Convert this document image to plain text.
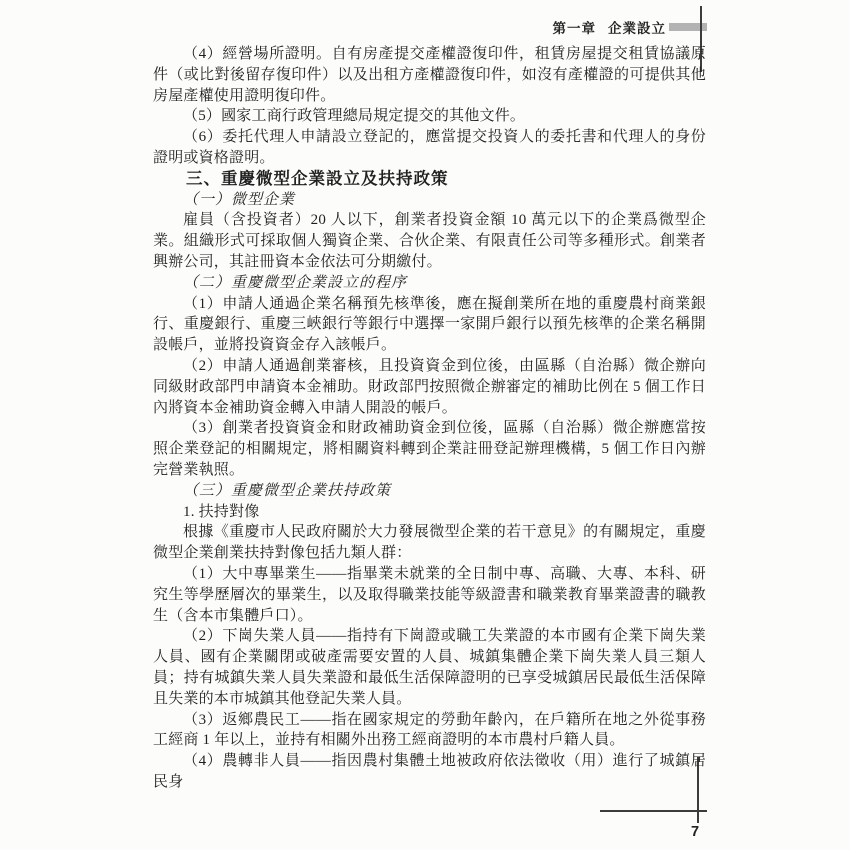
第一章 企業設立

（4）經營場所證明。自有房產提交產權證復印件，租賃房屋提交租賃協議原件（或比對後留存復印件）以及出租方產權證復印件，如沒有產權證的可提供其他房屋產權使用證明復印件。

（5）國家工商行政管理總局規定提交的其他文件。

（6）委托代理人申請設立登記的，應當提交投資人的委托書和代理人的身份證明或資格證明。

三、重慶微型企業設立及扶持政策

（一）微型企業

雇員（含投資者）20 人以下，創業者投資金額 10 萬元以下的企業爲微型企業。組織形式可採取個人獨資企業、合伙企業、有限責任公司等多種形式。創業者興辦公司，其註冊資本金依法可分期繳付。

（二）重慶微型企業設立的程序

（1）申請人通過企業名稱預先核準後，應在擬創業所在地的重慶農村商業銀行、重慶銀行、重慶三峽銀行等銀行中選擇一家開戶銀行以預先核準的企業名稱開設帳戶，並將投資資金存入該帳戶。

（2）申請人通過創業審核，且投資資金到位後，由區縣（自治縣）微企辦向同級財政部門申請資本金補助。財政部門按照微企辦審定的補助比例在 5 個工作日內將資本金補助資金轉入申請人開設的帳戶。

（3）創業者投資資金和財政補助資金到位後，區縣（自治縣）微企辦應當按照企業登記的相關規定，將相關資料轉到企業註冊登記辦理機構，5 個工作日內辦完營業執照。

（三）重慶微型企業扶持政策

1. 扶持對像

根據《重慶市人民政府關於大力發展微型企業的若干意見》的有關規定，重慶微型企業創業扶持對像包括九類人群：

（1）大中專畢業生——指畢業未就業的全日制中專、高職、大專、本科、研究生等學歷層次的畢業生，以及取得職業技能等級證書和職業教育畢業證書的職教生（含本市集體戶口）。

（2）下崗失業人員——指持有下崗證或職工失業證的本市國有企業下崗失業人員、國有企業關閉或破產需要安置的人員、城鎮集體企業下崗失業人員三類人員；持有城鎮失業人員失業證和最低生活保障證明的已享受城鎮居民最低生活保障且失業的本市城鎮其他登記失業人員。

（3）返鄉農民工——指在國家規定的勞動年齡內，在戶籍所在地之外從事務工經商 1 年以上，並持有相關外出務工經商證明的本市農村戶籍人員。

（4）農轉非人員——指因農村集體土地被政府依法徵收（用）進行了城鎮居民身

7
